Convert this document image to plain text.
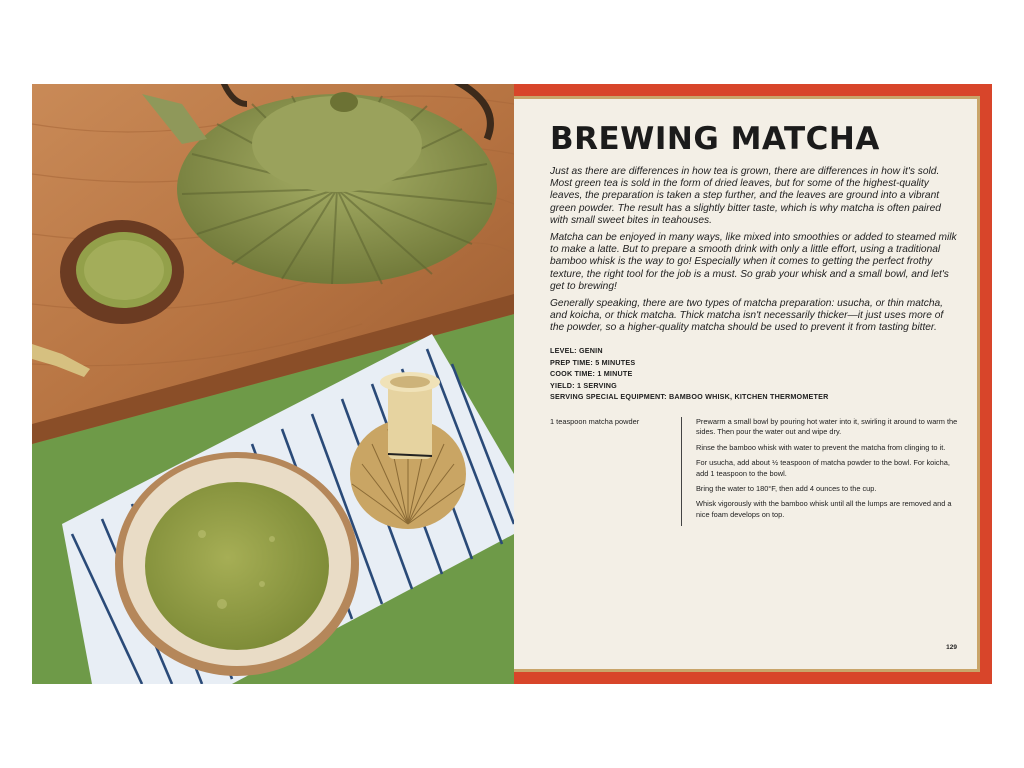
BREWING MATCHA

Just as there are differences in how tea is grown, there are differences in how it's sold. Most green tea is sold in the form of dried leaves, but for some of the highest-quality leaves, the preparation is taken a step further, and the leaves are ground into a vibrant green powder. The result has a slightly bitter taste, which is why matcha is often paired with small sweet bites in teahouses.

Matcha can be enjoyed in many ways, like mixed into smoothies or added to steamed milk to make a latte. But to prepare a smooth drink with only a little effort, using a traditional bamboo whisk is the way to go! Especially when it comes to getting the perfect frothy texture, the right tool for the job is a must. So grab your whisk and a small bowl, and let's get to brewing!

Generally speaking, there are two types of matcha preparation: usucha, or thin matcha, and koicha, or thick matcha. Thick matcha isn't necessarily thicker—it just uses more of the powder, so a higher-quality matcha should be used to prevent it from tasting bitter.

LEVEL: GENIN
PREP TIME: 5 MINUTES
COOK TIME: 1 MINUTE
YIELD: 1 SERVING
SERVING SPECIAL EQUIPMENT: BAMBOO WHISK, KITCHEN THERMOMETER
1 teaspoon matcha powder	Prewarm a small bowl by pouring hot water into it, swirling it around to warm the sides. Then pour the water out and wipe dry.

Rinse the bamboo whisk with water to prevent the matcha from clinging to it.

For usucha, add about ½ teaspoon of matcha powder to the bowl. For koicha, add 1 teaspoon to the bowl.

Bring the water to 180°F, then add 4 ounces to the cup.

Whisk vigorously with the bamboo whisk until all the lumps are removed and a nice foam develops on top.

129
